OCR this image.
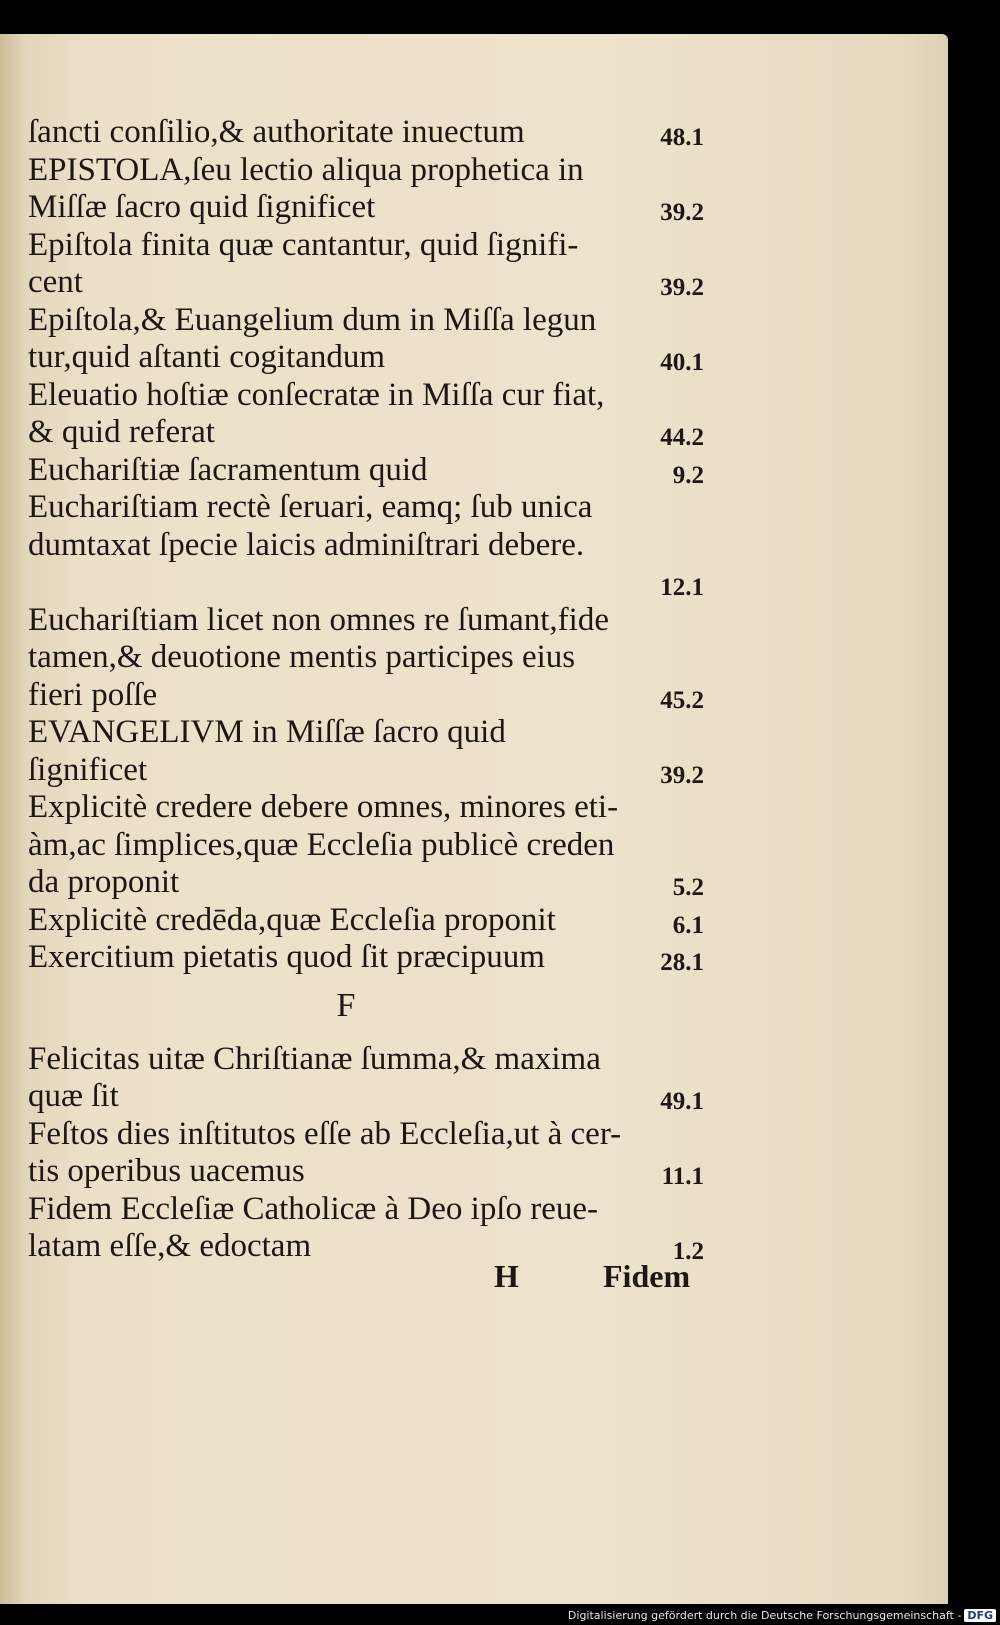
ſancti conſilio,& authoritate inuectum	48.1
EPISTOLA,ſeu lectio aliqua prophetica in
Miſſæ ſacro quid ſignificet	39.2
Epiſtola finita quæ cantantur, quid ſignifi-
cent	39.2
Epiſtola,& Euangelium dum in Miſſa legun
tur,quid aſtanti cogitandum	40.1
Eleuatio hoſtiæ conſecratæ in Miſſa cur fiat,
& quid referat	44.2
Euchariſtiæ ſacramentum quid	9.2
Euchariſtiam rectè ſeruari, eamq; ſub unica
dumtaxat ſpecie laicis adminiſtrari debere.
12.1
Euchariſtiam licet non omnes re ſumant,fide
tamen,& deuotione mentis participes eius
fieri poſſe	45.2
EVANGELIVM in Miſſæ ſacro quid
ſignificet	39.2
Explicitè credere debere omnes, minores eti-
àm,ac ſimplices,quæ Eccleſia publicè creden
da proponit	5.2
Explicitè credēda,quæ Eccleſia proponit	6.1
Exercitium pietatis quod ſit præcipuum	28.1
F
Felicitas uitæ Chriſtianæ ſumma,& maxima
quæ ſit	49.1
Feſtos dies inſtitutos eſſe ab Eccleſia,ut à cer-
tis operibus uacemus	11.1
Fidem Eccleſiæ Catholicæ à Deo ipſo reue-
latam eſſe,& edoctam	1.2
H	Fidem
Digitalisierung gefördert durch die Deutsche Forschungsgemeinschaft - DFG
